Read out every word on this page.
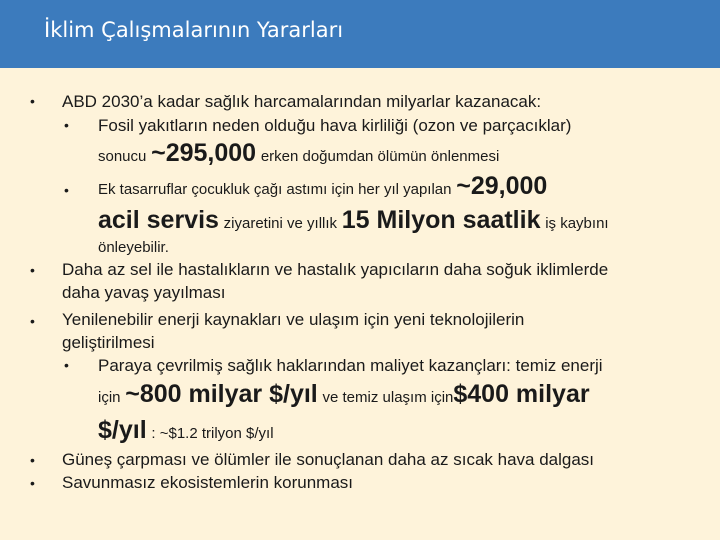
İklim Çalışmalarının Yararları
• ABD 2030’a kadar sağlık harcamalarından milyarlar kazanacak:
• Fosil yakıtların neden olduğu hava kirliliği (ozon ve parçacıklar)
sonucu ~295,000 erken doğumdan ölümün önlenmesi
• Ek tasarruflar çocukluk çağı astımı için her yıl yapılan ~29,000
acil servis ziyaretini ve yıllık 15 Milyon saatlik iş kaybını
önleyebilir.
• Daha az sel ile hastalıkların ve hastalık yapıcıların daha soğuk iklimlerde
daha yavaş yayılması
• Yenilenebilir enerji kaynakları ve ulaşım için yeni teknolojilerin
geliştirilmesi
• Paraya çevrilmiş sağlık haklarından maliyet kazançları: temiz enerji
için ~800 milyar $/yıl ve temiz ulaşım için$400 milyar
$/yıl : ~$1.2 trilyon $/yıl
• Güneş çarpması ve ölümler ile sonuçlanan daha az sıcak hava dalgası
• Savunmasız ekosistemlerin korunması
